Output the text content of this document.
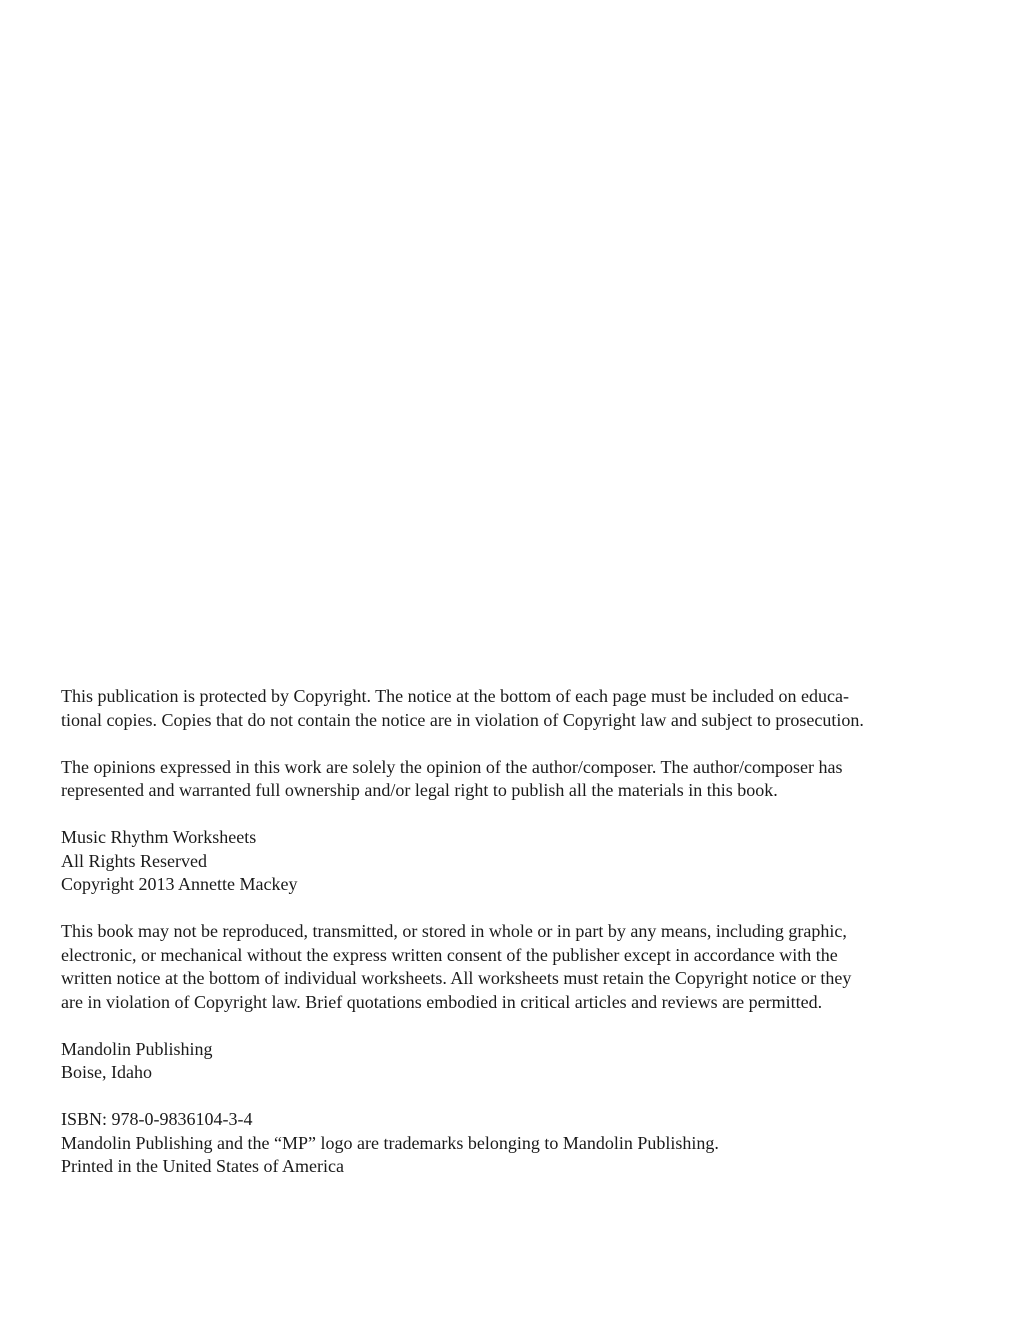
This publication is protected by Copyright. The notice at the bottom of each page must be included on educa-
tional copies. Copies that do not contain the notice are in violation of Copyright law and subject to prosecution.

The opinions expressed in this work are solely the opinion of the author/composer. The author/composer has
represented and warranted full ownership and/or legal right to publish all the materials in this book.

Music Rhythm Worksheets
All Rights Reserved
Copyright 2013 Annette Mackey

This book may not be reproduced, transmitted, or stored in whole or in part by any means, including graphic,
electronic, or mechanical without the express written consent of the publisher except in accordance with the
written notice at the bottom of individual worksheets. All worksheets must retain the Copyright notice or they
are in violation of Copyright law. Brief quotations embodied in critical articles and reviews are permitted.

Mandolin Publishing
Boise, Idaho

ISBN: 978-0-9836104-3-4
Mandolin Publishing and the “MP” logo are trademarks belonging to Mandolin Publishing.
Printed in the United States of America
